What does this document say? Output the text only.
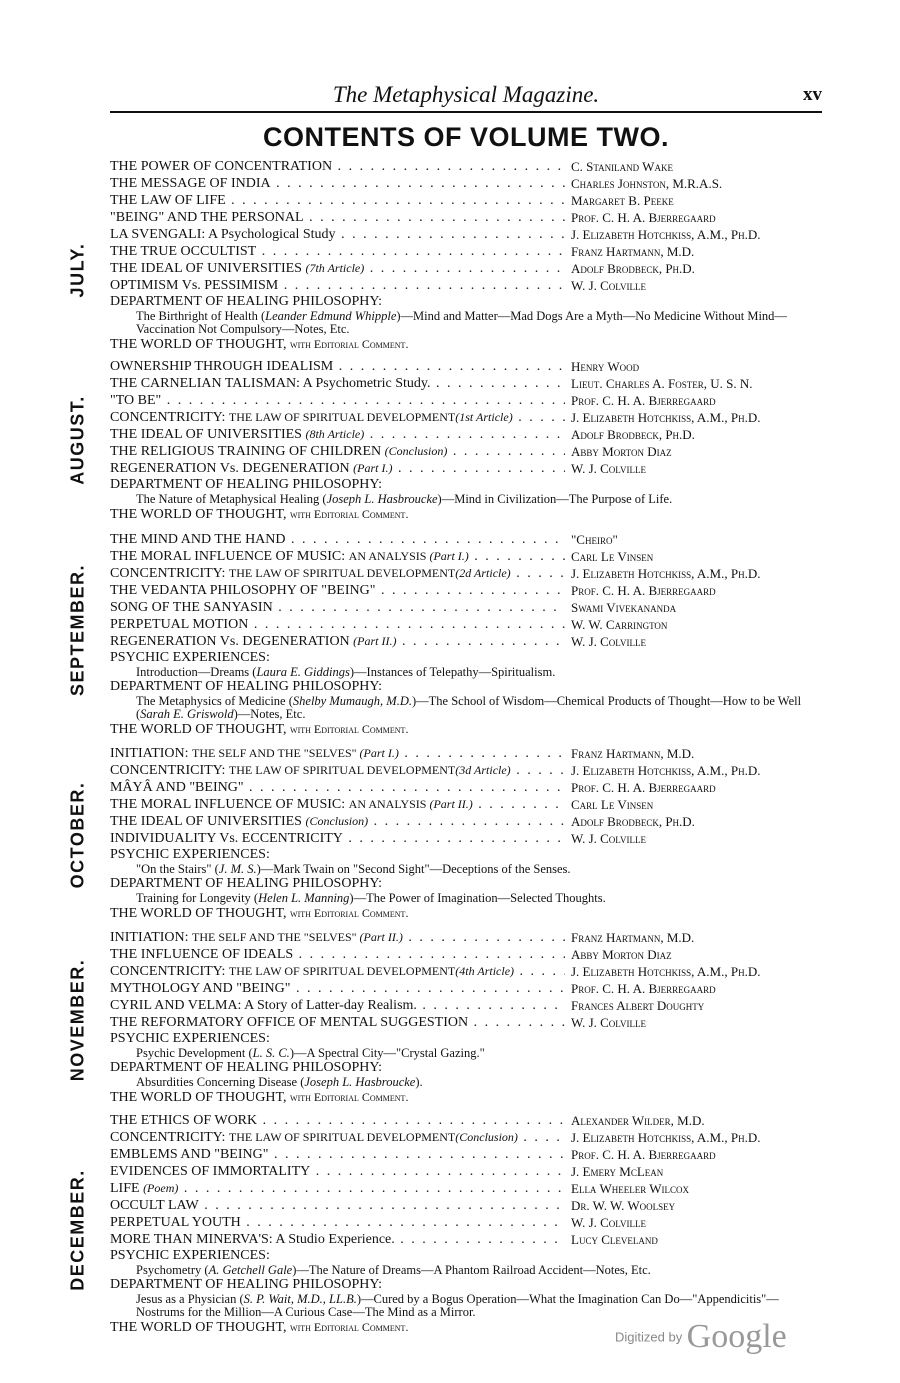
The Metaphysical Magazine.	xv
CONTENTS OF VOLUME TWO.
JULY.
THE POWER OF CONCENTRATION . . .	C. Staniland Wake
THE MESSAGE OF INDIA . . .	Charles Johnston, M.R.A.S.
THE LAW OF LIFE . . .	Margaret B. Peeke
"BEING" AND THE PERSONAL . . .	Prof. C. H. A. Bjerregaard
LA SVENGALI: A Psychological Study . . .	J. Elizabeth Hotchkiss, A.M., Ph.D.
THE TRUE OCCULTIST . . .	Franz Hartmann, M.D.
THE IDEAL OF UNIVERSITIES (7th Article) . . .	Adolf Brodbeck, Ph.D.
OPTIMISM Vs. PESSIMISM . . .	W. J. Colville
DEPARTMENT OF HEALING PHILOSOPHY:
The Birthright of Health (Leander Edmund Whipple)—Mind and Matter—Mad Dogs Are a Myth—No Medicine Without Mind—Vaccination Not Compulsory—Notes, Etc.
THE WORLD OF THOUGHT, with Editorial Comment.
AUGUST.
OWNERSHIP THROUGH IDEALISM . . .	Henry Wood
THE CARNELIAN TALISMAN: A Psychometric Study. . . .	Lieut. Charles A. Foster, U. S. N.
"TO BE" . . .	Prof. C. H. A. Bjerregaard
CONCENTRICITY: THE LAW OF SPIRITUAL DEVELOPMENT(1st Article) . . .	J. Elizabeth Hotchkiss, A.M., Ph.D.
THE IDEAL OF UNIVERSITIES (8th Article) . . .	Adolf Brodbeck, Ph.D.
THE RELIGIOUS TRAINING OF CHILDREN (Conclusion) . . .	Abby Morton Diaz
REGENERATION Vs. DEGENERATION (Part I.) . . .	W. J. Colville
DEPARTMENT OF HEALING PHILOSOPHY:
The Nature of Metaphysical Healing (Joseph L. Hasbroucke)—Mind in Civilization—The Purpose of Life.
THE WORLD OF THOUGHT, with Editorial Comment.
SEPTEMBER.
THE MIND AND THE HAND . . .	"Cheiro"
THE MORAL INFLUENCE OF MUSIC: AN ANALYSIS (Part I.) . . .	Carl Le Vinsen
CONCENTRICITY: THE LAW OF SPIRITUAL DEVELOPMENT(2d Article) . . .	J. Elizabeth Hotchkiss, A.M., Ph.D.
THE VEDANTA PHILOSOPHY OF "BEING" . . .	Prof. C. H. A. Bjerregaard
SONG OF THE SANYASIN . . .	Swami Vivekananda
PERPETUAL MOTION . . .	W. W. Carrington
REGENERATION Vs. DEGENERATION (Part II.) . . .	W. J. Colville
PSYCHIC EXPERIENCES:
Introduction—Dreams (Laura E. Giddings)—Instances of Telepathy—Spiritualism.
DEPARTMENT OF HEALING PHILOSOPHY:
The Metaphysics of Medicine (Shelby Mumaugh, M.D.)—The School of Wisdom—Chemical Products of Thought—How to be Well (Sarah E. Griswold)—Notes, Etc.
THE WORLD OF THOUGHT, with Editorial Comment.
OCTOBER.
INITIATION: THE SELF AND THE "SELVES" (Part I.) . . .	Franz Hartmann, M.D.
CONCENTRICITY: THE LAW OF SPIRITUAL DEVELOPMENT(3d Article) . . .	J. Elizabeth Hotchkiss, A.M., Ph.D.
MÂYÂ AND "BEING" . . .	Prof. C. H. A. Bjerregaard
THE MORAL INFLUENCE OF MUSIC: AN ANALYSIS (Part II.) . . .	Carl Le Vinsen
THE IDEAL OF UNIVERSITIES (Conclusion) . . .	Adolf Brodbeck, Ph.D.
INDIVIDUALITY Vs. ECCENTRICITY . . .	W. J. Colville
PSYCHIC EXPERIENCES:
"On the Stairs" (J. M. S.)—Mark Twain on "Second Sight"—Deceptions of the Senses.
DEPARTMENT OF HEALING PHILOSOPHY:
Training for Longevity (Helen L. Manning)—The Power of Imagination—Selected Thoughts.
THE WORLD OF THOUGHT, with Editorial Comment.
NOVEMBER.
INITIATION: THE SELF AND THE "SELVES" (Part II.) . . .	Franz Hartmann, M.D.
THE INFLUENCE OF IDEALS . . .	Abby Morton Diaz
CONCENTRICITY: THE LAW OF SPIRITUAL DEVELOPMENT(4th Article) . . .	J. Elizabeth Hotchkiss, A.M., Ph.D.
MYTHOLOGY AND "BEING" . . .	Prof. C. H. A. Bjerregaard
CYRIL AND VELMA: A Story of Latter-day Realism. . . .	Frances Albert Doughty
THE REFORMATORY OFFICE OF MENTAL SUGGESTION . . .	W. J. Colville
PSYCHIC EXPERIENCES:
Psychic Development (L. S. C.)—A Spectral City—"Crystal Gazing."
DEPARTMENT OF HEALING PHILOSOPHY:
Absurdities Concerning Disease (Joseph L. Hasbroucke).
THE WORLD OF THOUGHT, with Editorial Comment.
DECEMBER.
THE ETHICS OF WORK . . .	Alexander Wilder, M.D.
CONCENTRICITY: THE LAW OF SPIRITUAL DEVELOPMENT(Conclusion) . . .	J. Elizabeth Hotchkiss, A.M., Ph.D.
EMBLEMS AND "BEING" . . .	Prof. C. H. A. Bjerregaard
EVIDENCES OF IMMORTALITY . . .	J. Emery McLean
LIFE (Poem) . . .	Ella Wheeler Wilcox
OCCULT LAW . . .	Dr. W. W. Woolsey
PERPETUAL YOUTH . . .	W. J. Colville
MORE THAN MINERVA'S: A Studio Experience. . . .	Lucy Cleveland
PSYCHIC EXPERIENCES:
Psychometry (A. Getchell Gale)—The Nature of Dreams—A Phantom Railroad Accident—Notes, Etc.
DEPARTMENT OF HEALING PHILOSOPHY:
Jesus as a Physician (S. P. Wait, M.D., LL.B.)—Cured by a Bogus Operation—What the Imagination Can Do—"Appendicitis"—Nostrums for the Million—A Curious Case—The Mind as a Mirror.
THE WORLD OF THOUGHT, with Editorial Comment.
Digitized by Google
